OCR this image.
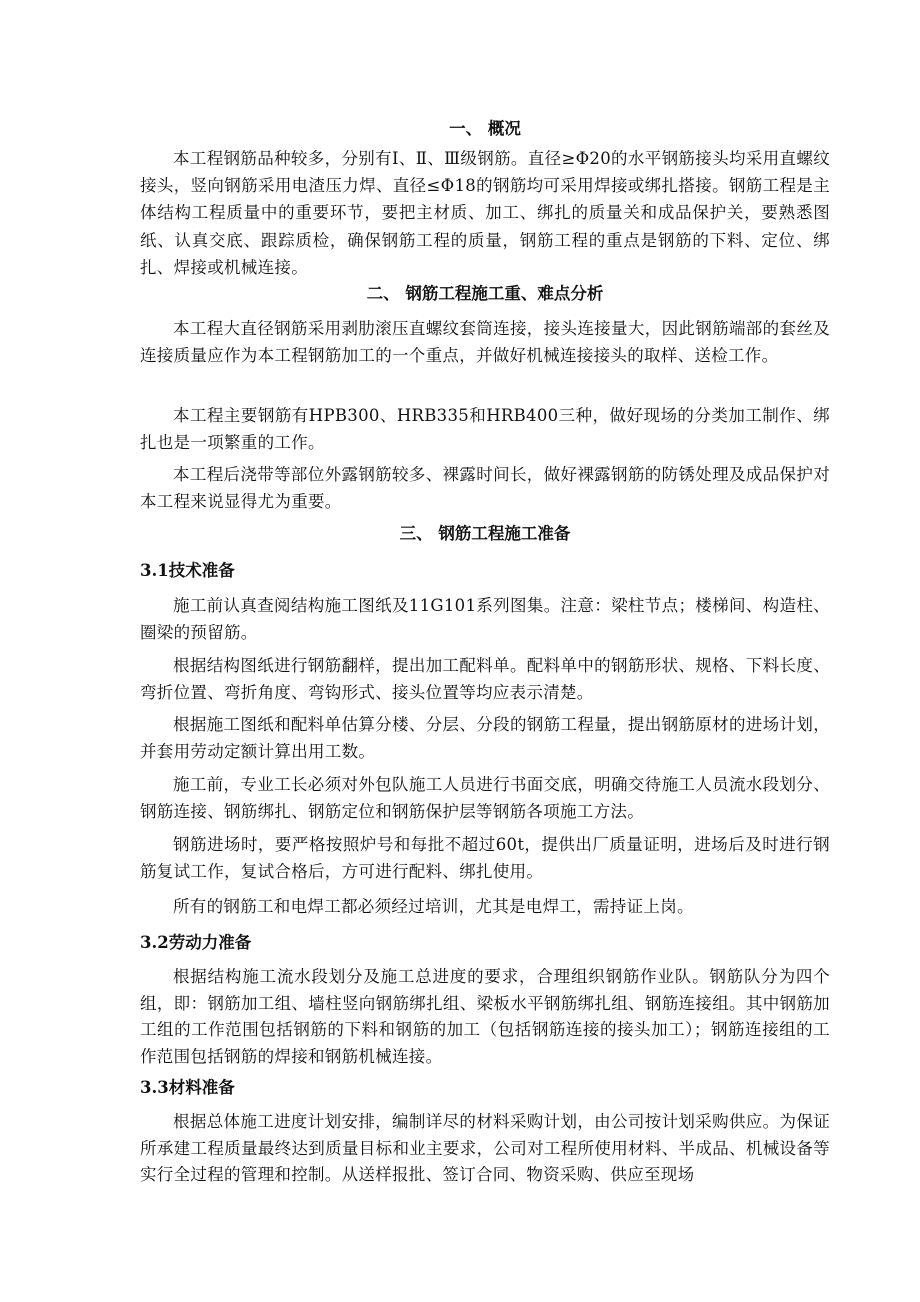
一、 概况

本工程钢筋品种较多，分别有Ⅰ、Ⅱ、Ⅲ级钢筋。直径≥Φ20的水平钢筋接头均采用直螺纹接头，竖向钢筋采用电渣压力焊、直径≤Φ18的钢筋均可采用焊接或绑扎搭接。钢筋工程是主体结构工程质量中的重要环节，要把主材质、加工、绑扎的质量关和成品保护关，要熟悉图纸、认真交底、跟踪质检，确保钢筋工程的质量，钢筋工程的重点是钢筋的下料、定位、绑扎、焊接或机械连接。

二、 钢筋工程施工重、难点分析

本工程大直径钢筋采用剥肋滚压直螺纹套筒连接，接头连接量大，因此钢筋端部的套丝及连接质量应作为本工程钢筋加工的一个重点，并做好机械连接接头的取样、送检工作。

本工程主要钢筋有HPB300、HRB335和HRB400三种，做好现场的分类加工制作、绑扎也是一项繁重的工作。

本工程后浇带等部位外露钢筋较多、裸露时间长，做好裸露钢筋的防锈处理及成品保护对本工程来说显得尤为重要。

三、 钢筋工程施工准备
3.1技术准备

施工前认真查阅结构施工图纸及11G101系列图集。注意：梁柱节点；楼梯间、构造柱、圈梁的预留筋。

根据结构图纸进行钢筋翻样，提出加工配料单。配料单中的钢筋形状、规格、下料长度、弯折位置、弯折角度、弯钩形式、接头位置等均应表示清楚。

根据施工图纸和配料单估算分楼、分层、分段的钢筋工程量，提出钢筋原材的进场计划，并套用劳动定额计算出用工数。

施工前，专业工长必须对外包队施工人员进行书面交底，明确交待施工人员流水段划分、钢筋连接、钢筋绑扎、钢筋定位和钢筋保护层等钢筋各项施工方法。

钢筋进场时，要严格按照炉号和每批不超过60t，提供出厂质量证明，进场后及时进行钢筋复试工作，复试合格后，方可进行配料、绑扎使用。

所有的钢筋工和电焊工都必须经过培训，尤其是电焊工，需持证上岗。

3.2劳动力准备

根据结构施工流水段划分及施工总进度的要求，合理组织钢筋作业队。钢筋队分为四个组，即：钢筋加工组、墙柱竖向钢筋绑扎组、梁板水平钢筋绑扎组、钢筋连接组。其中钢筋加工组的工作范围包括钢筋的下料和钢筋的加工（包括钢筋连接的接头加工）；钢筋连接组的工作范围包括钢筋的焊接和钢筋机械连接。

3.3材料准备

根据总体施工进度计划安排，编制详尽的材料采购计划，由公司按计划采购供应。为保证所承建工程质量最终达到质量目标和业主要求，公司对工程所使用材料、半成品、机械设备等实行全过程的管理和控制。从送样报批、签订合同、物资采购、供应至现场
